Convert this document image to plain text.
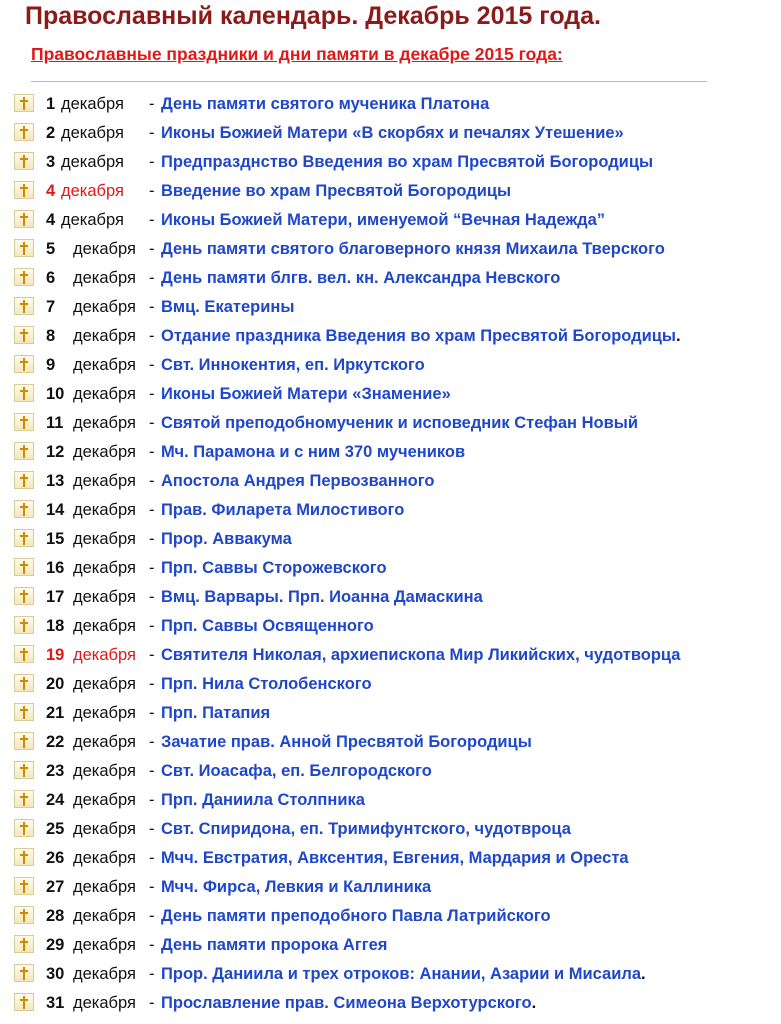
Православный календарь. Декабрь 2015 года.
Православные праздники и дни памяти в декабре 2015 года:
1 декабря - День памяти святого мученика Платона
2 декабря - Иконы Божией Матери «В скорбях и печалях Утешение»
3 декабря - Предпразднство Введения во храм Пресвятой Богородицы
4 декабря - Введение во храм Пресвятой Богородицы
4 декабря - Иконы Божией Матери, именуемой “Вечная Надежда”
5 декабря - День памяти святого благоверного князя Михаила Тверского
6 декабря - День памяти блгв. вел. кн. Александра Невского
7 декабря - Вмц. Екатерины
8 декабря - Отдание праздника Введения во храм Пресвятой Богородицы.
9 декабря - Свт. Иннокентия, еп. Иркутского
10 декабря - Иконы Божией Матери «Знамение»
11 декабря - Святой преподобномученик и исповедник Стефан Новый
12 декабря - Мч. Парамона и с ним 370 мучеников
13 декабря - Апостола Андрея Первозванного
14 декабря - Прав. Филарета Милостивого
15 декабря - Прор. Аввакума
16 декабря - Прп. Саввы Сторожевского
17 декабря - Вмц. Варвары. Прп. Иоанна Дамаскина
18 декабря - Прп. Саввы Освященного
19 декабря - Святителя Николая, архиепископа Мир Ликийских, чудотворца
20 декабря - Прп. Нила Столобенского
21 декабря - Прп. Патапия
22 декабря - Зачатие прав. Анной Пресвятой Богородицы
23 декабря - Свт. Иоасафа, еп. Белгородского
24 декабря - Прп. Даниила Столпника
25 декабря - Свт. Спиридона, еп. Тримифунтского, чудотвроца
26 декабря - Мчч. Евстратия, Авксентия, Евгения, Мардария и Ореста
27 декабря - Мчч. Фирса, Левкия и Каллиника
28 декабря - День памяти преподобного Павла Латрийского
29 декабря - День памяти пророка Аггея
30 декабря - Прор. Даниила и трех отроков: Анании, Азарии и Мисаила.
31 декабря - Прославление прав. Симеона Верхотурского.
